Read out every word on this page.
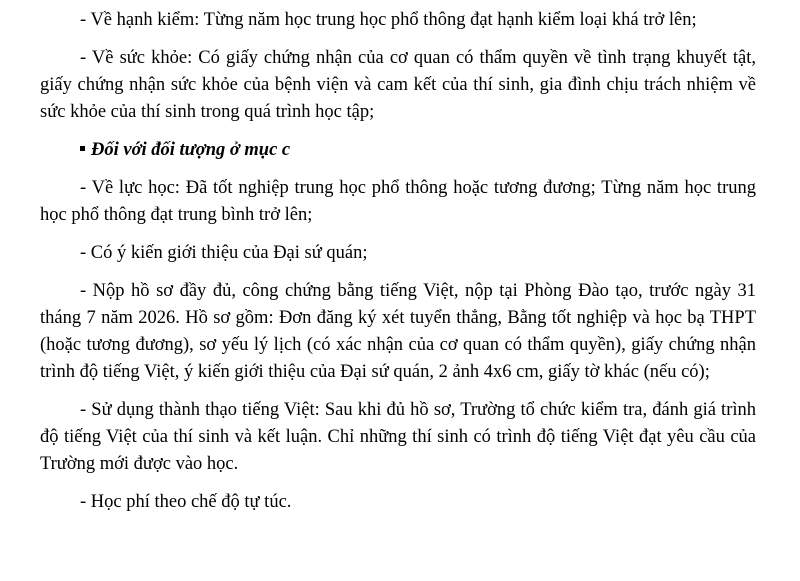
- Về hạnh kiểm: Từng năm học trung học phổ thông đạt hạnh kiểm loại khá trở lên;

- Về sức khỏe: Có giấy chứng nhận của cơ quan có thẩm quyền về tình trạng khuyết tật, giấy chứng nhận sức khỏe của bệnh viện và cam kết của thí sinh, gia đình chịu trách nhiệm về sức khỏe của thí sinh trong quá trình học tập;

Đối với đối tượng ở mục c

- Về lực học: Đã tốt nghiệp trung học phổ thông hoặc tương đương; Từng năm học trung học phổ thông đạt trung bình trở lên;

- Có ý kiến giới thiệu của Đại sứ quán;

- Nộp hồ sơ đầy đủ, công chứng bằng tiếng Việt, nộp tại Phòng Đào tạo, trước ngày 31 tháng 7 năm 2026. Hồ sơ gồm: Đơn đăng ký xét tuyển thẳng, Bằng tốt nghiệp và học bạ THPT (hoặc tương đương), sơ yếu lý lịch (có xác nhận của cơ quan có thẩm quyền), giấy chứng nhận trình độ tiếng Việt, ý kiến giới thiệu của Đại sứ quán, 2 ảnh 4x6 cm, giấy tờ khác (nếu có);

- Sử dụng thành thạo tiếng Việt: Sau khi đủ hồ sơ, Trường tổ chức kiểm tra, đánh giá trình độ tiếng Việt của thí sinh và kết luận. Chỉ những thí sinh có trình độ tiếng Việt đạt yêu cầu của Trường mới được vào học.

- Học phí theo chế độ tự túc.
